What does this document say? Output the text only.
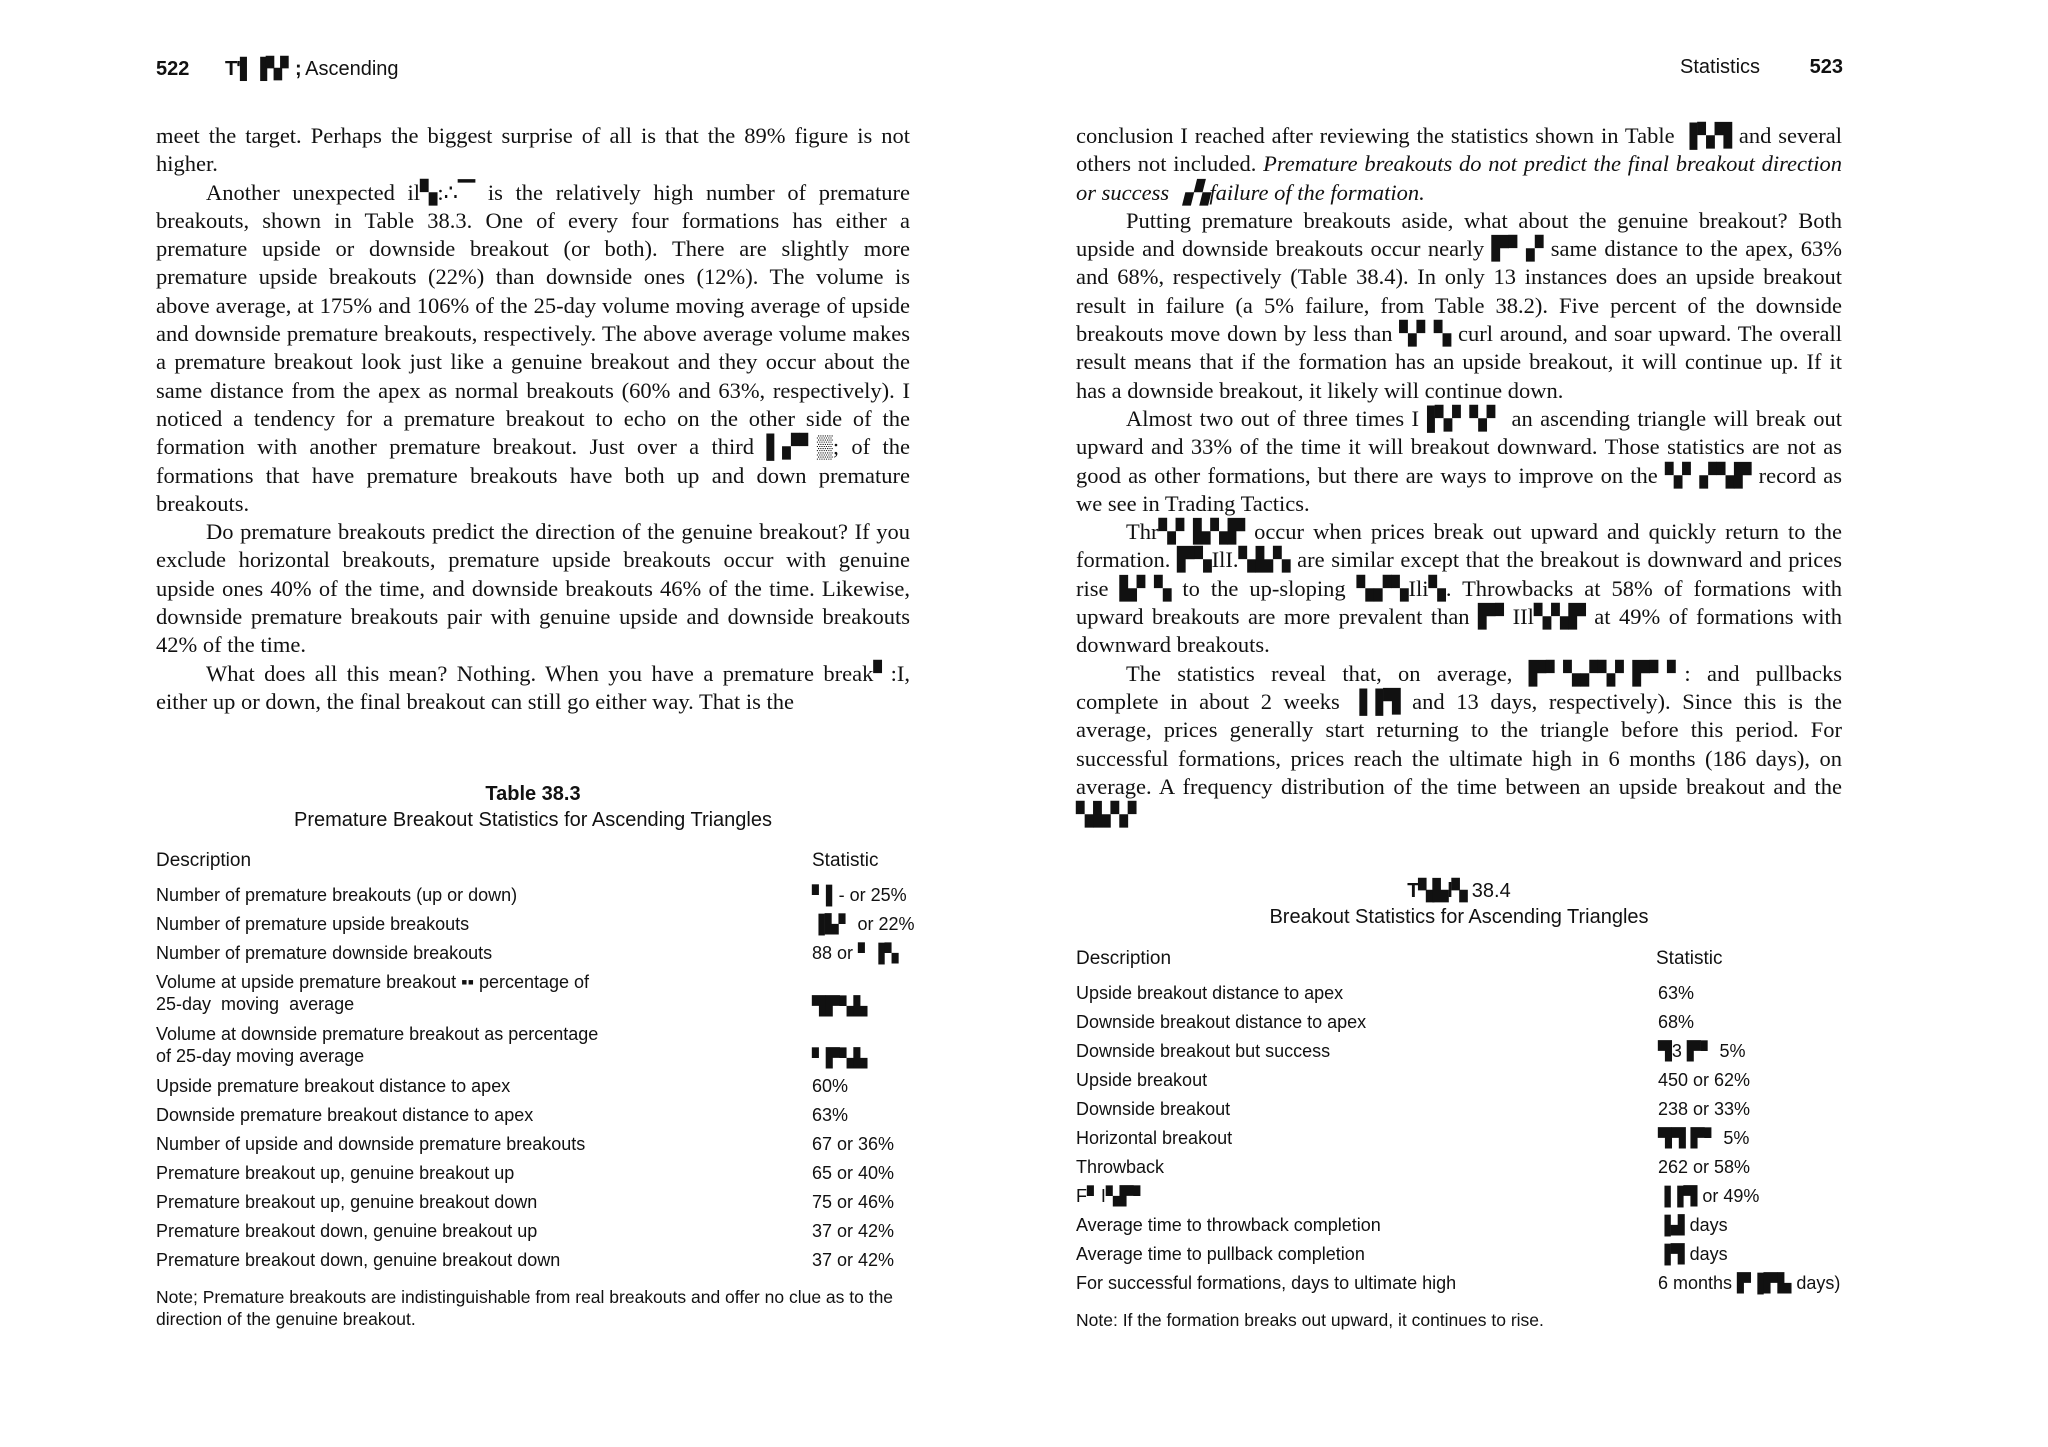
522 T'▌▐▚▘; Ascending

meet the target. Perhaps the biggest surprise of all is that the 89% figure is not higher.

Another unexpected il▚:∴▔ is the relatively high number of premature breakouts, shown in Table 38.3. One of every four formations has either a premature upside or downside breakout (or both). There are slightly more premature upside breakouts (22%) than downside ones (12%). The volume is above average, at 175% and 106% of the 25-day volume moving average of upside and downside premature breakouts, respectively. The above average volume makes a premature breakout look just like a genuine breakout and they occur about the same distance from the apex as normal breakouts (60% and 63%, respectively). I noticed a tendency for a premature breakout to echo on the other side of the formation with another premature breakout. Just over a third ▌▞▘▒; of the formations that have premature breakouts have both up and down premature breakouts.

Do premature breakouts predict the direction of the genuine breakout? If you exclude horizontal breakouts, premature upside breakouts occur with genuine upside ones 40% of the time, and downside breakouts 46% of the time. Likewise, downside premature breakouts pair with genuine upside and downside breakouts 42% of the time.

What does all this mean? Nothing. When you have a premature break▘:I, either up or down, the final breakout can still go either way. That is the

Table 38.3
Premature Breakout Statistics for Ascending Triangles
Description	Statistic
Number of premature breakouts (up or down)	▘▌- or 25%
Number of premature upside breakouts	▐▙▘ or 22%
Number of premature downside breakouts	88 or ▘▐▚
Volume at upside premature breakout ▪▪ percentage of
25-day  moving  average	▜▛▚▙
Volume at downside premature breakout as percentage
of 25-day moving average	▘▛▚▙
Upside premature breakout distance to apex	60%
Downside premature breakout distance to apex	63%
Number of upside and downside premature breakouts	67 or 36%
Premature breakout up, genuine breakout up	65 or 40%
Premature breakout up, genuine breakout down	75 or 46%
Premature breakout down, genuine breakout up	37 or 42%
Premature breakout down, genuine breakout down	37 or 42%
Note; Premature breakouts are indistinguishable from real breakouts and offer no clue as to the direction of the genuine breakout.
Statistics 523

conclusion I reached after reviewing the statistics shown in Table ▐▚▜ and several others not included. Premature breakouts do not predict the final breakout direction or success ▗▚failure of the formation.

Putting premature breakouts aside, what about the genuine breakout? Both upside and downside breakouts occur nearly ▛▘▞ same distance to the apex, 63% and 68%, respectively (Table 38.4). In only 13 instances does an upside breakout result in failure (a 5% failure, from Table 38.2). Five percent of the downside breakouts move down by less than ▚▘▚ curl around, and soar upward. The overall result means that if the formation has an upside breakout, it will continue up. If it has a downside breakout, it likely will continue down.

Almost two out of three times I▐▚▘▚▘ an ascending triangle will break out upward and 33% of the time it will breakout downward. Those statistics are not as good as other formations, but there are ways to improve on the ▚▘▞▚▛ record as we see in Trading Tactics.

Thr▚▘▙▚▛ occur when prices break out upward and quickly return to the formation. ▛▚IlI.▚▙▚ are similar except that the breakout is downward and prices rise ▙▘▚ to the up-sloping ▚▞▚Ili▚. Throwbacks at 58% of formations with upward breakouts are more prevalent than ▛▘IIl▚▚▛ at 49% of formations with downward breakouts.

The statistics reveal that, on average, ▛▘▚▞▚▘▛▘▘: and pullbacks complete in about 2 weeks ▐▐▜ and 13 days, respectively). Since this is the average, prices generally start returning to the triangle before this period. For successful formations, prices reach the ultimate high in 6 months (186 days), on average. A frequency distribution of the time between an upside breakout and the ▚▙▚▘

T▚▙l▚ 38.4
Breakout Statistics for Ascending Triangles
Description	Statistic
Upside breakout distance to apex	63%
Downside breakout distance to apex	68%
Downside breakout but success	▜3 ▛▘ 5%
Upside breakout	450 or 62%
Downside breakout	238 or 33%
Horizontal breakout	▜▜ ▛▘ 5%
Throwback	262 or 58%
F▘I▚▛▘	▐▐▜ or 49%
Average time to throwback completion	▐▟ days
Average time to pullback completion	▐▜ days
For successful formations, days to ultimate high	6 months ▛▐▛▙ days)
Note: If the formation breaks out upward, it continues to rise.
